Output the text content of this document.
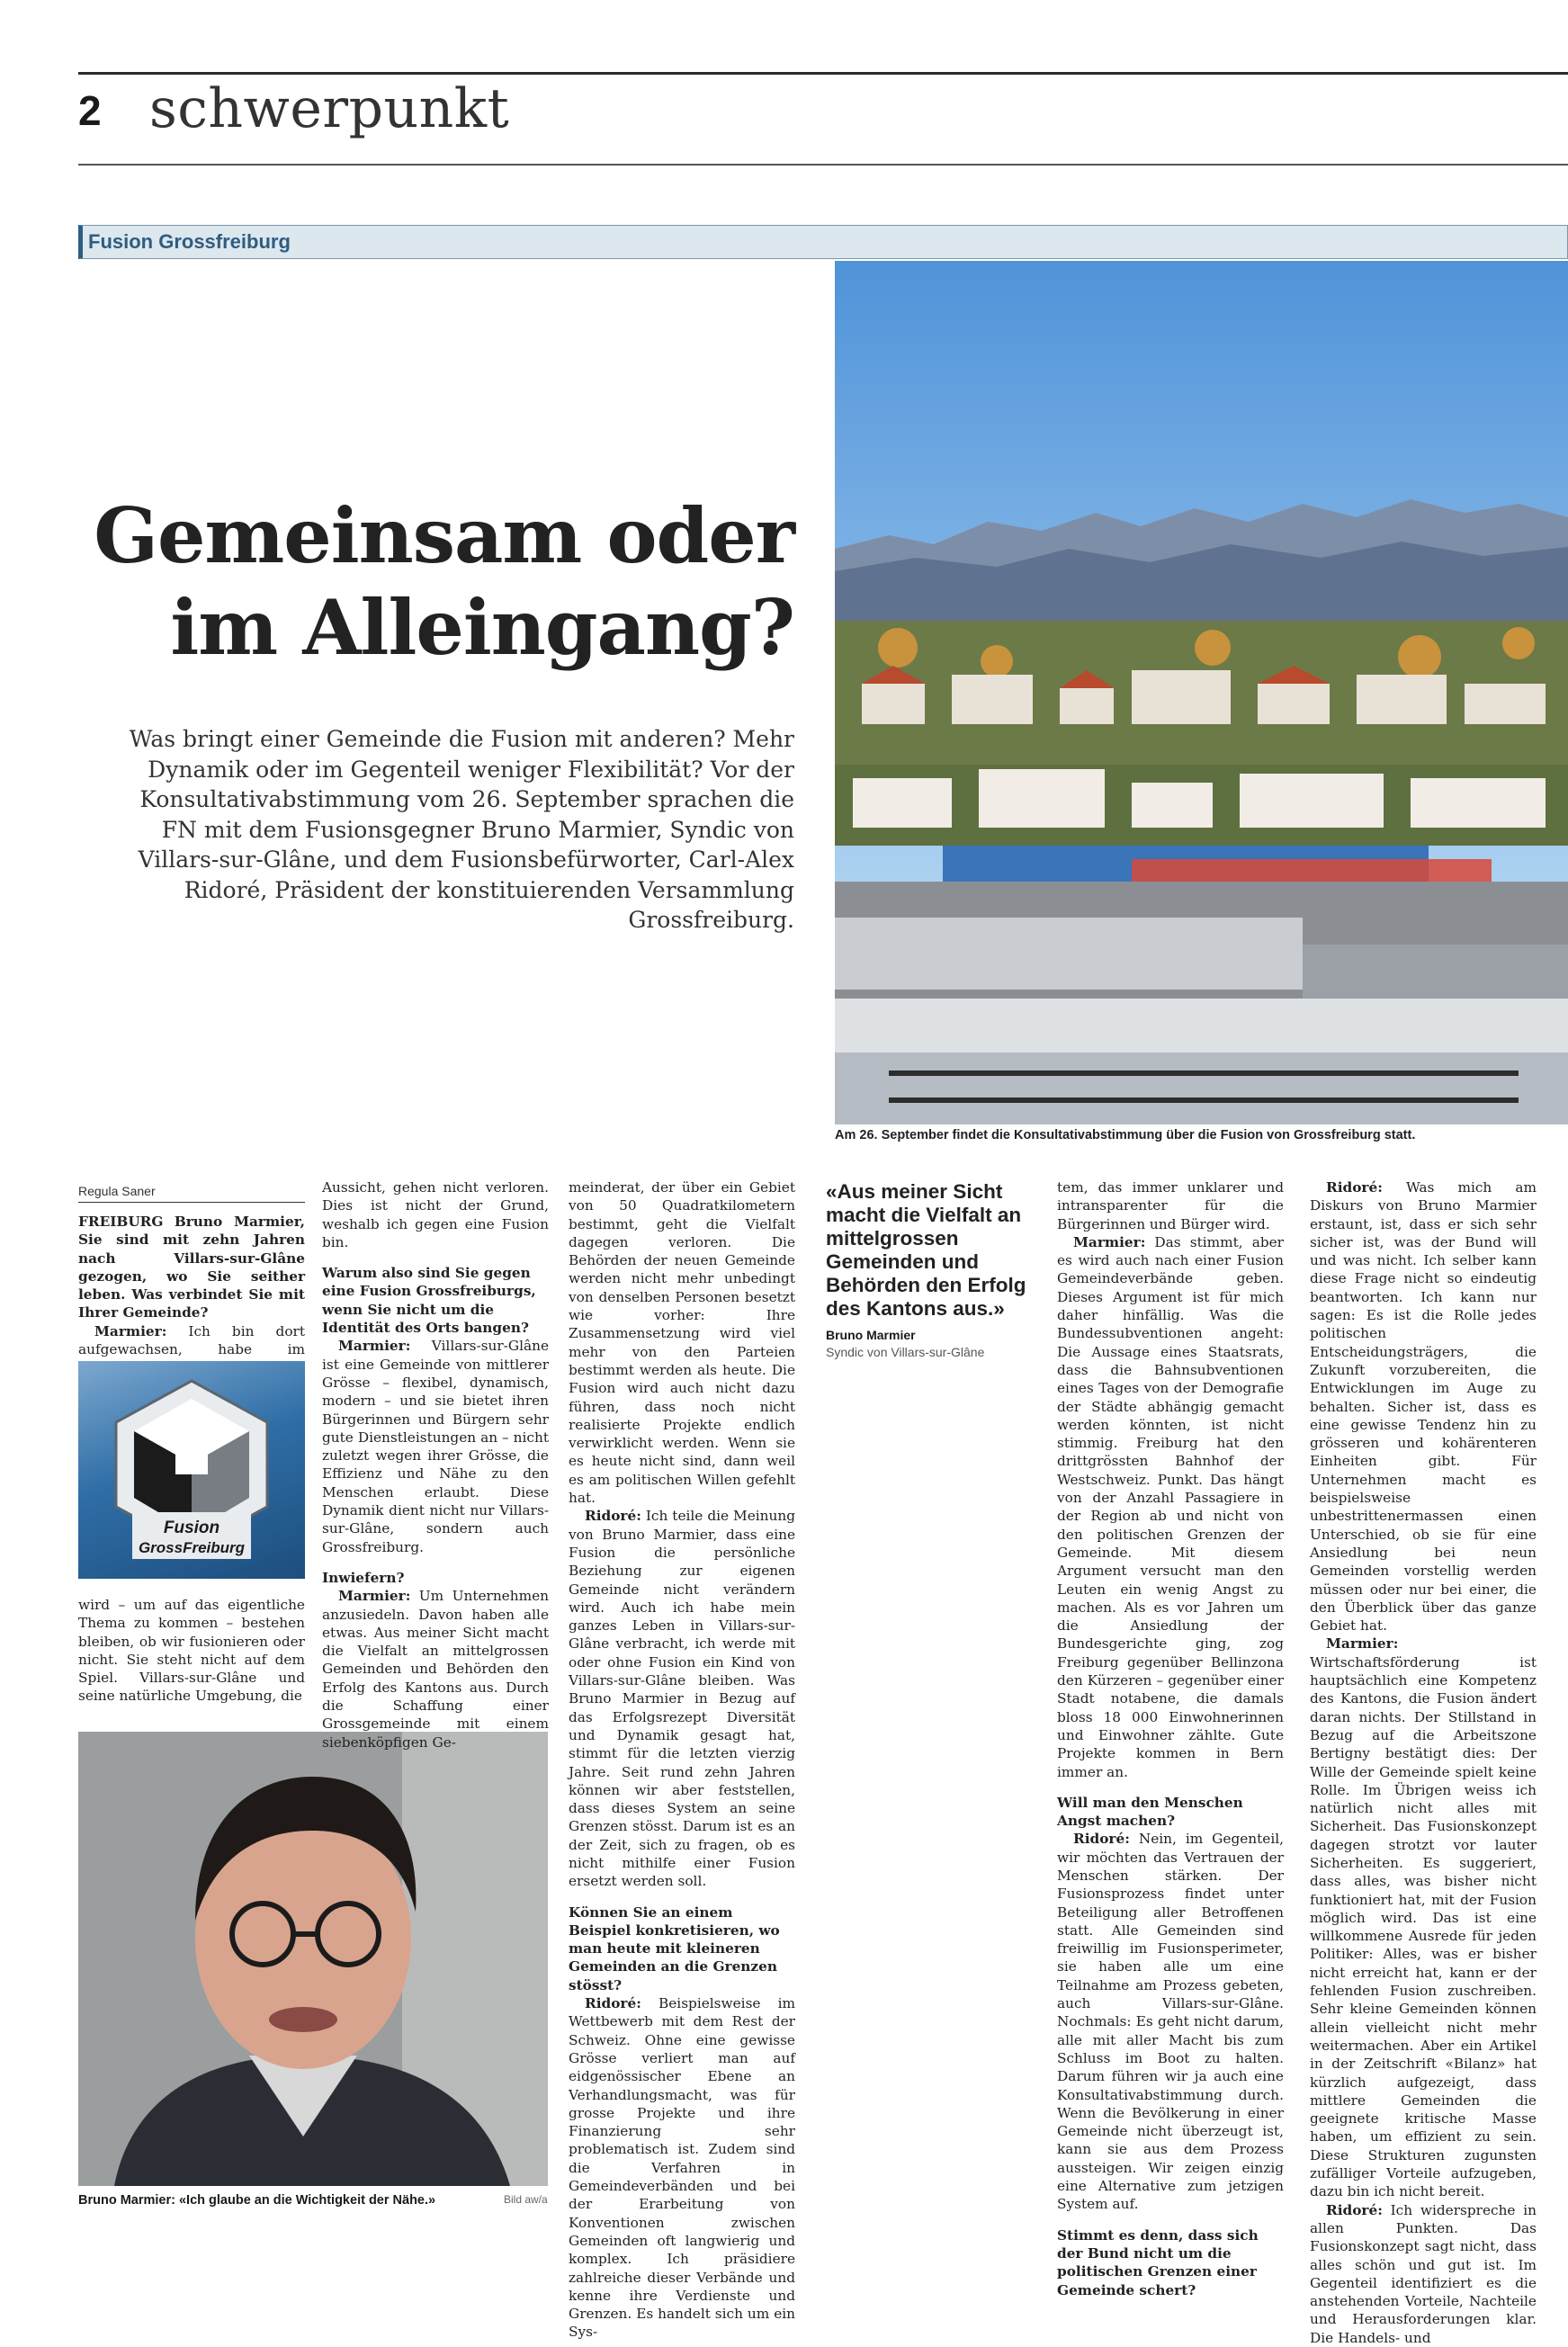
2 schwerpunkt
Fusion Grossfreiburg
Gemeinsam oder
im Alleingang?
Was bringt einer Gemeinde die Fusion mit anderen? Mehr Dynamik oder im Gegenteil weniger Flexibilität? Vor der Konsultativabstimmung vom 26. September sprachen die FN mit dem Fusionsgegner Bruno Marmier, Syndic von Villars-sur-Glâne, und dem Fusionsbefürworter, Carl-Alex Ridoré, Präsident der konstituierenden Versammlung Grossfreiburg.
Am 26. September findet die Konsultativabstimmung über die Fusion von Grossfreiburg statt.
Regula Saner

FREIBURG Bruno Marmier, Sie sind mit zehn Jahren nach Villars-sur-Glâne gezogen, wo Sie seither leben. Was verbindet Sie mit Ihrer Gemeinde?

Marmier: Ich bin dort aufgewachsen, habe im

Fusion
GrossFreiburg

wird – um auf das eigentliche Thema zu kommen – bestehen bleiben, ob wir fusionieren oder nicht. Sie steht nicht auf dem Spiel. Villars-sur-Glâne und seine natürliche Umgebung, die

Bruno Marmier: «Ich glaube an die Wichtigkeit der Nähe.»	Bild aw/a

Aussicht, gehen nicht verloren. Dies ist nicht der Grund, weshalb ich gegen eine Fusion bin.

Warum also sind Sie gegen eine Fusion Grossfreiburgs, wenn Sie nicht um die Identität des Orts bangen?

Marmier: Villars-sur-Glâne ist eine Gemeinde von mittlerer Grösse – flexibel, dynamisch, modern – und sie bietet ihren Bürgerinnen und Bürgern sehr gute Dienstleistungen an – nicht zuletzt wegen ihrer Grösse, die Effizienz und Nähe zu den Menschen erlaubt. Diese Dynamik dient nicht nur Villars-sur-Glâne, sondern auch Grossfreiburg.

Inwiefern?

Marmier: Um Unternehmen anzusiedeln. Davon haben alle etwas. Aus meiner Sicht macht die Vielfalt an mittelgrossen Gemeinden und Behörden den Erfolg des Kantons aus. Durch die Schaffung einer Grossgemeinde mit einem siebenköpfigen Ge-

meinderat, der über ein Gebiet von 50 Quadratkilometern bestimmt, geht die Vielfalt dagegen verloren. Die Behörden der neuen Gemeinde werden nicht mehr unbedingt von denselben Personen besetzt wie vorher: Ihre Zusammensetzung wird viel mehr von den Parteien bestimmt werden als heute. Die Fusion wird auch nicht dazu führen, dass noch nicht realisierte Projekte endlich verwirklicht werden. Wenn sie es heute nicht sind, dann weil es am politischen Willen gefehlt hat.

Ridoré: Ich teile die Meinung von Bruno Marmier, dass eine Fusion die persönliche Beziehung zur eigenen Gemeinde nicht verändern wird. Auch ich habe mein ganzes Leben in Villars-sur-Glâne verbracht, ich werde mit oder ohne Fusion ein Kind von Villars-sur-Glâne bleiben. Was Bruno Marmier in Bezug auf das Erfolgsrezept Diversität und Dynamik gesagt hat, stimmt für die letzten vierzig Jahre. Seit rund zehn Jahren können wir aber feststellen, dass dieses System an seine Grenzen stösst. Darum ist es an der Zeit, sich zu fragen, ob es nicht mithilfe einer Fusion ersetzt werden soll.

Können Sie an einem Beispiel konkretisieren, wo man heute mit kleineren Gemeinden an die Grenzen stösst?

Ridoré: Beispielsweise im Wettbewerb mit dem Rest der Schweiz. Ohne eine gewisse Grösse verliert man auf eidgenössischer Ebene an Verhandlungsmacht, was für grosse Projekte und ihre Finanzierung sehr problematisch ist. Zudem sind die Verfahren in Gemeindeverbänden und bei der Erarbeitung von Konventionen zwischen Gemeinden oft langwierig und komplex. Ich präsidiere zahlreiche dieser Verbände und kenne ihre Verdienste und Grenzen. Es handelt sich um ein Sys-

«Aus meiner Sicht macht die Vielfalt an mittelgrossen Gemeinden und Behörden den Erfolg des Kantons aus.»
Bruno Marmier
Syndic von Villars-sur-Glâne

tem, das immer unklarer und intransparenter für die Bürgerinnen und Bürger wird.

Marmier: Das stimmt, aber es wird auch nach einer Fusion Gemeindeverbände geben. Dieses Argument ist für mich daher hinfällig. Was die Bundessubventionen angeht: Die Aussage eines Staatsrats, dass die Bahnsubventionen eines Tages von der Demografie der Städte abhängig gemacht werden könnten, ist nicht stimmig. Freiburg hat den drittgrössten Bahnhof der Westschweiz. Punkt. Das hängt von der Anzahl Passagiere in der Region ab und nicht von den politischen Grenzen der Gemeinde. Mit diesem Argument versucht man den Leuten ein wenig Angst zu machen. Als es vor Jahren um die Ansiedlung der Bundesgerichte ging, zog Freiburg gegenüber Bellinzona den Kürzeren – gegenüber einer Stadt notabene, die damals bloss 18 000 Einwohnerinnen und Einwohner zählte. Gute Projekte kommen in Bern immer an.

Will man den Menschen Angst machen?

Ridoré: Nein, im Gegenteil, wir möchten das Vertrauen der Menschen stärken. Der Fusionsprozess findet unter Beteiligung aller Betroffenen statt. Alle Gemeinden sind freiwillig im Fusionsperimeter, sie haben alle um eine Teilnahme am Prozess gebeten, auch Villars-sur-Glâne. Nochmals: Es geht nicht darum, alle mit aller Macht bis zum Schluss im Boot zu halten. Darum führen wir ja auch eine Konsultativabstimmung durch. Wenn die Bevölkerung in einer Gemeinde nicht überzeugt ist, kann sie aus dem Prozess aussteigen. Wir zeigen einzig eine Alternative zum jetzigen System auf.

Stimmt es denn, dass sich der Bund nicht um die politischen Grenzen einer Gemeinde schert?

Ridoré: Was mich am Diskurs von Bruno Marmier erstaunt, ist, dass er sich sehr sicher ist, was der Bund will und was nicht. Ich selber kann diese Frage nicht so eindeutig beantworten. Ich kann nur sagen: Es ist die Rolle jedes politischen Entscheidungsträgers, die Zukunft vorzubereiten, die Entwicklungen im Auge zu behalten. Sicher ist, dass es eine gewisse Tendenz hin zu grösseren und kohärenteren Einheiten gibt. Für Unternehmen macht es beispielsweise unbestrittenermassen einen Unterschied, ob sie für eine Ansiedlung bei neun Gemeinden vorstellig werden müssen oder nur bei einer, die den Überblick über das ganze Gebiet hat.

Marmier: Wirtschaftsförderung ist hauptsächlich eine Kompetenz des Kantons, die Fusion ändert daran nichts. Der Stillstand in Bezug auf die Arbeitszone Bertigny bestätigt dies: Der Wille der Gemeinde spielt keine Rolle. Im Übrigen weiss ich natürlich nicht alles mit Sicherheit. Das Fusionskonzept dagegen strotzt vor lauter Sicherheiten. Es suggeriert, dass alles, was bisher nicht funktioniert hat, mit der Fusion möglich wird. Das ist eine willkommene Ausrede für jeden Politiker: Alles, was er bisher nicht erreicht hat, kann er der fehlenden Fusion zuschreiben. Sehr kleine Gemeinden können allein vielleicht nicht mehr weitermachen. Aber ein Artikel in der Zeitschrift «Bilanz» hat kürzlich aufgezeigt, dass mittlere Gemeinden die geeignete kritische Masse haben, um effizient zu sein. Diese Strukturen zugunsten zufälliger Vorteile aufzugeben, dazu bin ich nicht bereit.

Ridoré: Ich widerspreche in allen Punkten. Das Fusionskonzept sagt nicht, dass alles schön und gut ist. Im Gegenteil identifiziert es die anstehenden Vorteile, Nachteile und Herausforderungen klar. Die Handels- und
